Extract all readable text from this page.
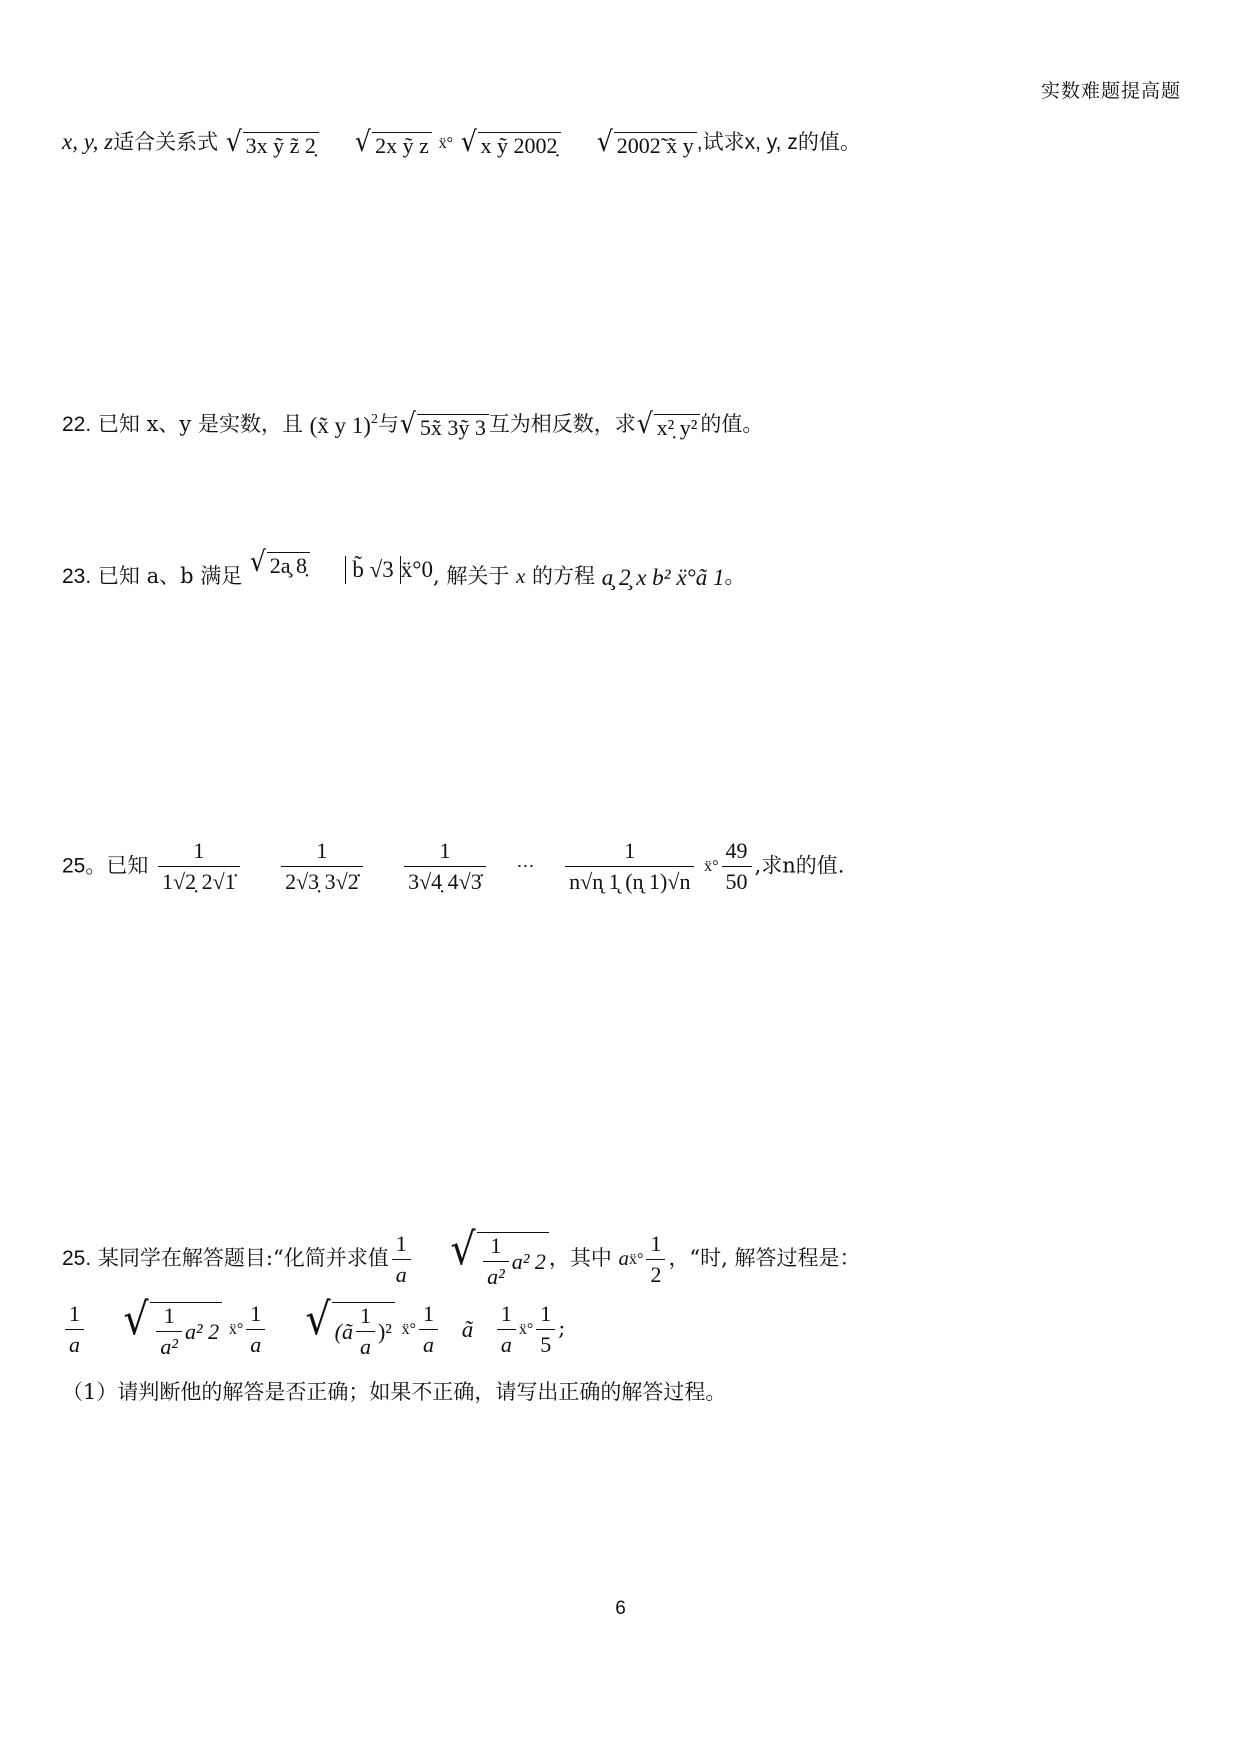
实数难题提高题
x, y, z适合关系式 √ 3x ỹ z̃ 2̣
√ 2x ỹ z ẍ° √ x ỹ 2002̣
√ 2002̃ x̃ y ,试求x, y, z的值。
22. 已知 x、y 是实数，且 (x̃ y 1)$^2$与 √ 5x̃ 3ỹ 3 互为相反数，求 √ x²̣ y² 的值。
23. 已知 a、b 满足 √ 2a̧ 8̣ b̃ √3 ẍ°0, 解关于 x 的方程 a̧ 2̧ x b² ẍ°ã 1。
25。已知 $\frac{1}{1√2̣ 2√1̇}$
$\frac{1}{2√3̣ 3√2̇}$
$\frac{1}{3√4̣ 4√3̇}$ ⋯ $\frac{1}{n√n̨ 1̨ (n̨ 1)√n}$ ẍ° $\frac{49}{50}$ ,求n的值.
25. 某同学在解答题目:“化简并求值 $\frac{1}{a}$
√ $\frac{1}{\text{a²}} a^2$ 2 ，其中 aẍ° $\frac{1}{2}$ ，“时, 解答过程是：
$\frac{1}{a}$
√ $\frac{1}{\text{a²}} a^2$ 2 ẍ° $\frac{1}{a}$
√ (ã $\frac{1}{a} )^2$ ẍ° $\frac{1}{a}$ ã $\frac{1}{a}$ ẍ° $\frac{1}{5}$ ;
（1）请判断他的解答是否正确；如果不正确，请写出正确的解答过程。
6
